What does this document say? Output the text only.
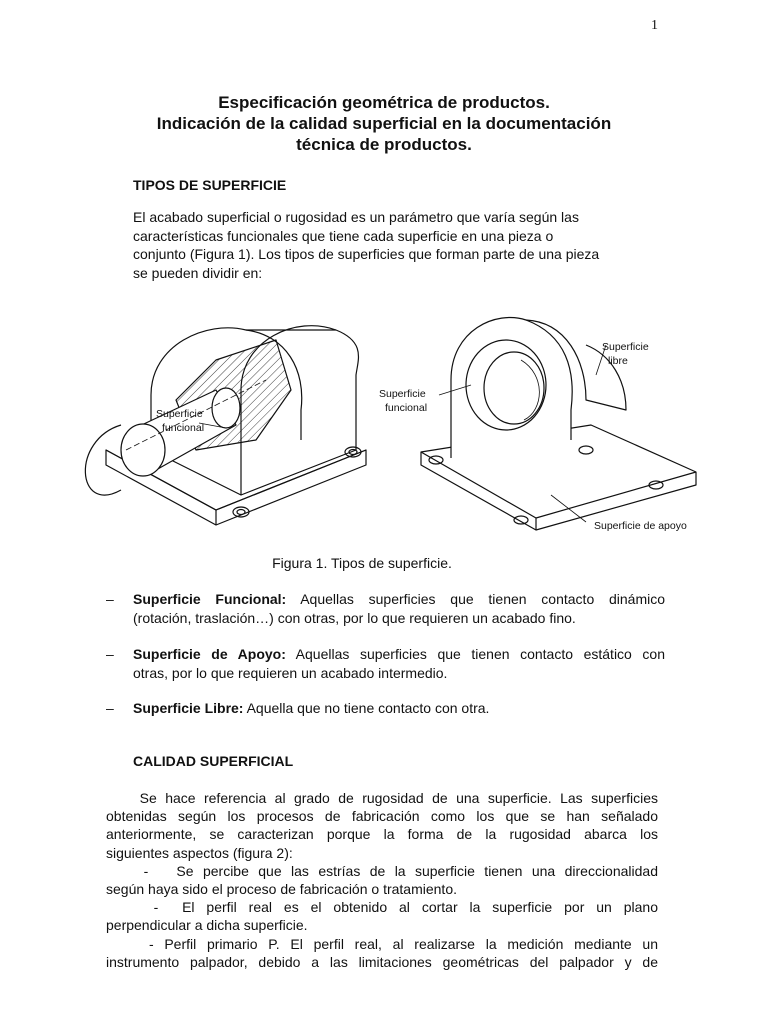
1
Especificación geométrica de productos.
Indicación de la calidad superficial en la documentación
técnica de productos.
TIPOS DE SUPERFICIE
El acabado superficial o rugosidad es un parámetro que varía según las
características funcionales que tiene cada superficie en una pieza o
conjunto (Figura 1). Los tipos de superficies que forman parte de una pieza
se pueden dividir en:
Superficie
funcional
Superficie
libre
Superficie
funcional
Superficie de apoyo
Figura 1. Tipos de superficie.
– Superficie Funcional: Aquellas superficies que tienen contacto dinámico
(rotación, traslación…) con otras, por lo que requieren un acabado fino.
– Superficie de Apoyo: Aquellas superficies que tienen contacto estático con
otras, por lo que requieren un acabado intermedio.
– Superficie Libre: Aquella que no tiene contacto con otra.
CALIDAD SUPERFICIAL
Se hace referencia al grado de rugosidad de una superficie. Las superficies
obtenidas según los procesos de fabricación como los que se han señalado
anteriormente, se caracterizan porque la forma de la rugosidad abarca los
siguientes aspectos (figura 2):
-   Se percibe que las estrías de la superficie tienen una direccionalidad
según haya sido el proceso de fabricación o tratamiento.
-  El perfil real es el obtenido al cortar la superficie por un plano
perpendicular a dicha superficie.
- Perfil primario P. El perfil real, al realizarse la medición mediante un
instrumento palpador, debido a las limitaciones geométricas del palpador y de
